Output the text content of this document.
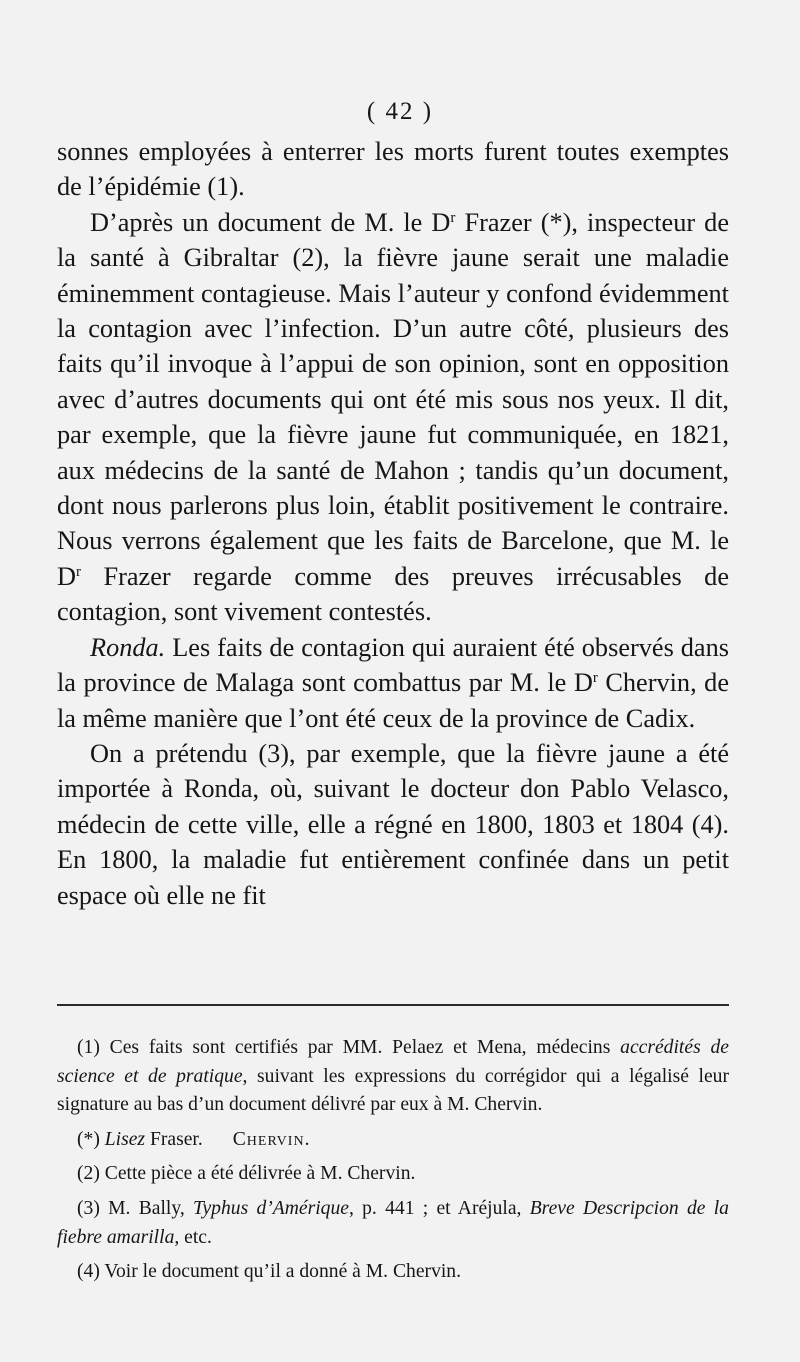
( 42 )

sonnes employées à enterrer les morts furent toutes exemptes de l’épidémie (1).

D’après un document de M. le $D^r$ Frazer (*), inspecteur de la santé à Gibraltar (2), la fièvre jaune serait une maladie éminemment contagieuse. Mais l’auteur y confond évidemment la contagion avec l’infection. D’un autre côté, plusieurs des faits qu’il invoque à l’appui de son opinion, sont en opposition avec d’autres documents qui ont été mis sous nos yeux. Il dit, par exemple, que la fièvre jaune fut communiquée, en 1821, aux médecins de la santé de Mahon ; tandis qu’un document, dont nous parlerons plus loin, établit positivement le contraire. Nous verrons également que les faits de Barcelone, que M. le $D^r$ Frazer regarde comme des preuves irrécusables de contagion, sont vivement contestés.

Ronda. Les faits de contagion qui auraient été observés dans la province de Malaga sont combattus par M. le $D^r$ Chervin, de la même manière que l’ont été ceux de la province de Cadix.

On a prétendu (3), par exemple, que la fièvre jaune a été importée à Ronda, où, suivant le docteur don Pablo Velasco, médecin de cette ville, elle a régné en 1800, 1803 et 1804 (4). En 1800, la maladie fut entièrement confinée dans un petit espace où elle ne fit

(1) Ces faits sont certifiés par MM. Pelaez et Mena, médecins accrédités de science et de pratique, suivant les expressions du corrégidor qui a légalisé leur signature au bas d’un document délivré par eux à M. Chervin.

(*) Lisez Fraser. Chervin.

(2) Cette pièce a été délivrée à M. Chervin.

(3) M. Bally, Typhus d’Amérique, p. 441 ; et Aréjula, Breve Descripcion de la fiebre amarilla, etc.

(4) Voir le document qu’il a donné à M. Chervin.
